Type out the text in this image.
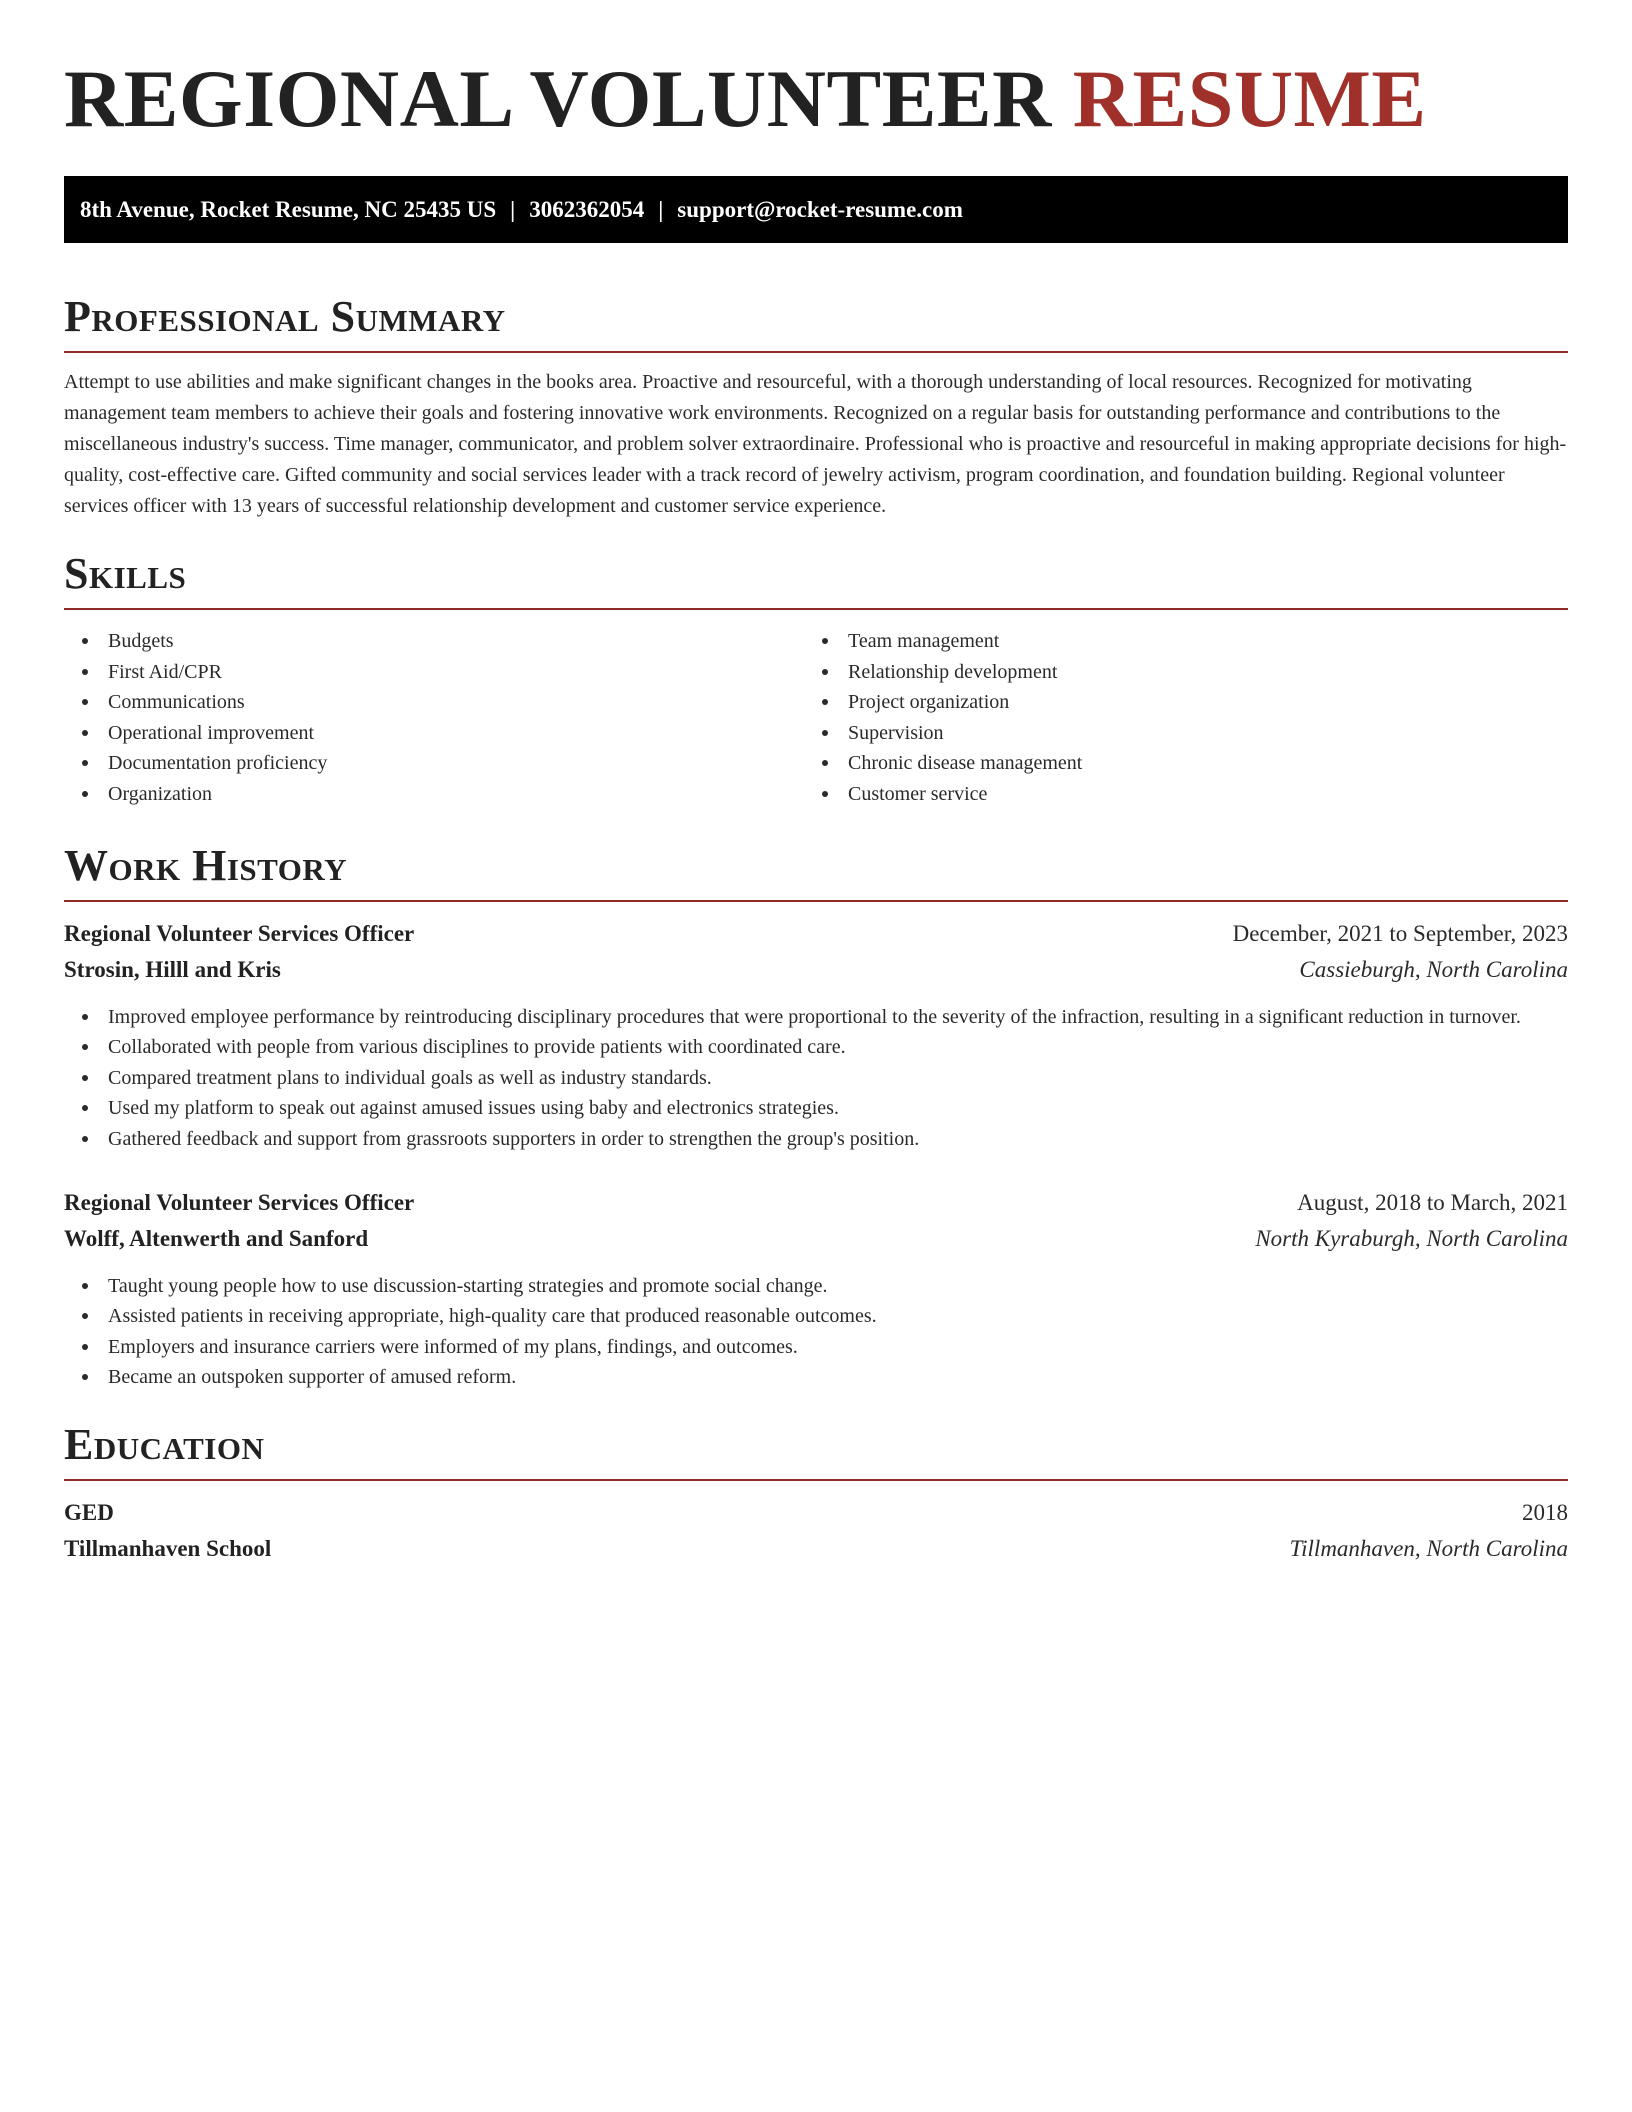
REGIONAL VOLUNTEER RESUME
8th Avenue, Rocket Resume, NC 25435 US | 3062362054 | support@rocket-resume.com
Professional Summary

Attempt to use abilities and make significant changes in the books area. Proactive and resourceful, with a thorough understanding of local resources. Recognized for motivating management team members to achieve their goals and fostering innovative work environments. Recognized on a regular basis for outstanding performance and contributions to the miscellaneous industry's success. Time manager, communicator, and problem solver extraordinaire. Professional who is proactive and resourceful in making appropriate decisions for high-quality, cost-effective care. Gifted community and social services leader with a track record of jewelry activism, program coordination, and foundation building. Regional volunteer services officer with 13 years of successful relationship development and customer service experience.

Skills
Budgets
First Aid/CPR
Communications
Operational improvement
Documentation proficiency
Organization
Team management
Relationship development
Project organization
Supervision
Chronic disease management
Customer service
Work History
Regional Volunteer Services Officer	December, 2021 to September, 2023
Strosin, Hilll and Kris	Cassieburgh, North Carolina
Improved employee performance by reintroducing disciplinary procedures that were proportional to the severity of the infraction, resulting in a significant reduction in turnover.
Collaborated with people from various disciplines to provide patients with coordinated care.
Compared treatment plans to individual goals as well as industry standards.
Used my platform to speak out against amused issues using baby and electronics strategies.
Gathered feedback and support from grassroots supporters in order to strengthen the group's position.
Regional Volunteer Services Officer	August, 2018 to March, 2021
Wolff, Altenwerth and Sanford	North Kyraburgh, North Carolina
Taught young people how to use discussion-starting strategies and promote social change.
Assisted patients in receiving appropriate, high-quality care that produced reasonable outcomes.
Employers and insurance carriers were informed of my plans, findings, and outcomes.
Became an outspoken supporter of amused reform.
Education
GED	2018
Tillmanhaven School	Tillmanhaven, North Carolina
